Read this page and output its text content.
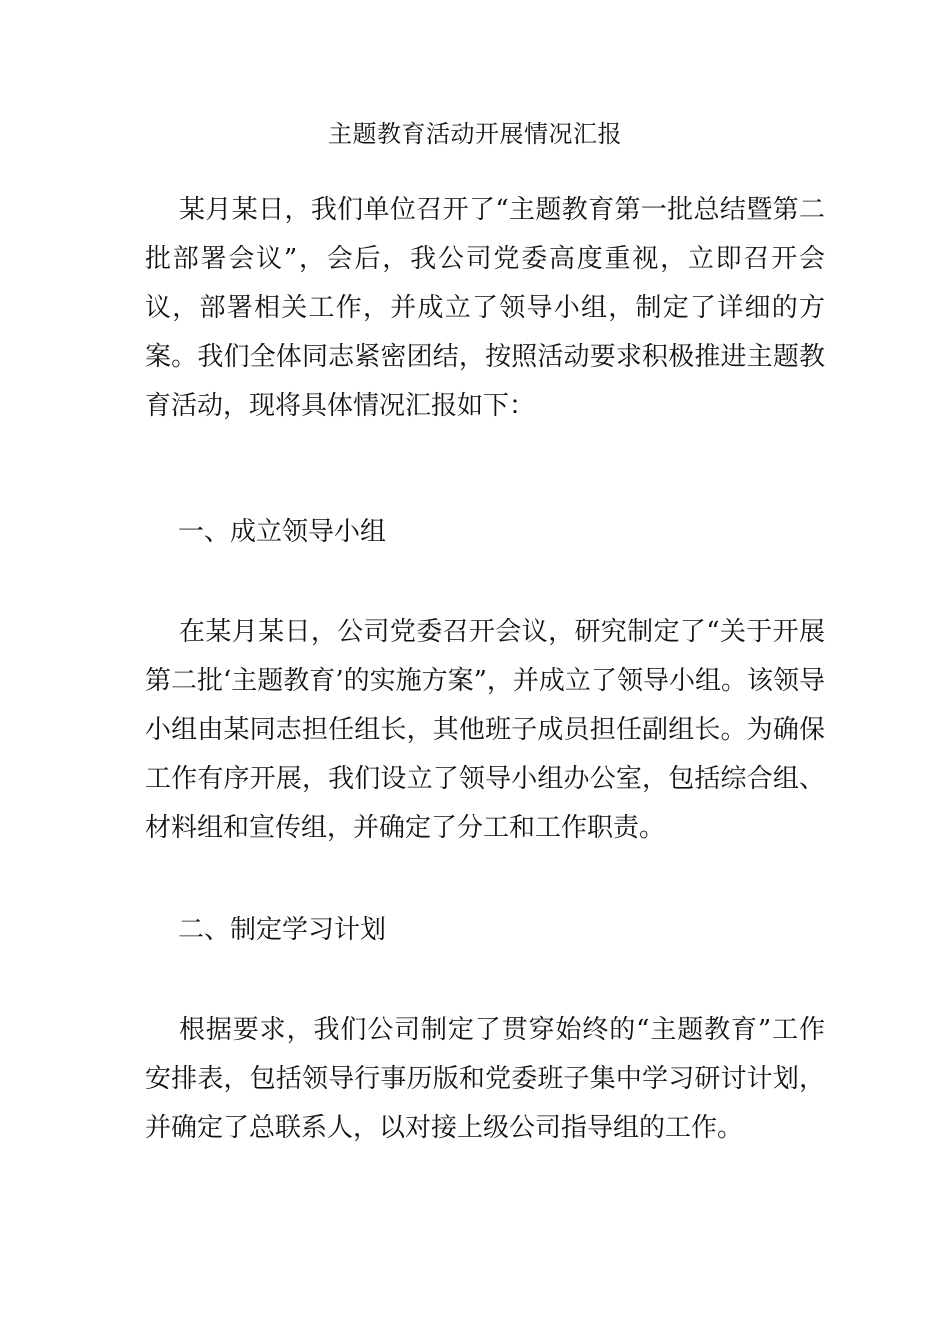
主题教育活动开展情况汇报

某月某日，我们单位召开了“主题教育第一批总结暨第二批部署会议”，会后，我公司党委高度重视，立即召开会议，部署相关工作，并成立了领导小组，制定了详细的方案。我们全体同志紧密团结，按照活动要求积极推进主题教育活动，现将具体情况汇报如下：

一、成立领导小组

在某月某日，公司党委召开会议，研究制定了“关于开展第二批‘主题教育’的实施方案”，并成立了领导小组。该领导小组由某同志担任组长，其他班子成员担任副组长。为确保工作有序开展，我们设立了领导小组办公室，包括综合组、材料组和宣传组，并确定了分工和工作职责。

二、制定学习计划

根据要求，我们公司制定了贯穿始终的“主题教育”工作安排表，包括领导行事历版和党委班子集中学习研讨计划，并确定了总联系人，以对接上级公司指导组的工作。
